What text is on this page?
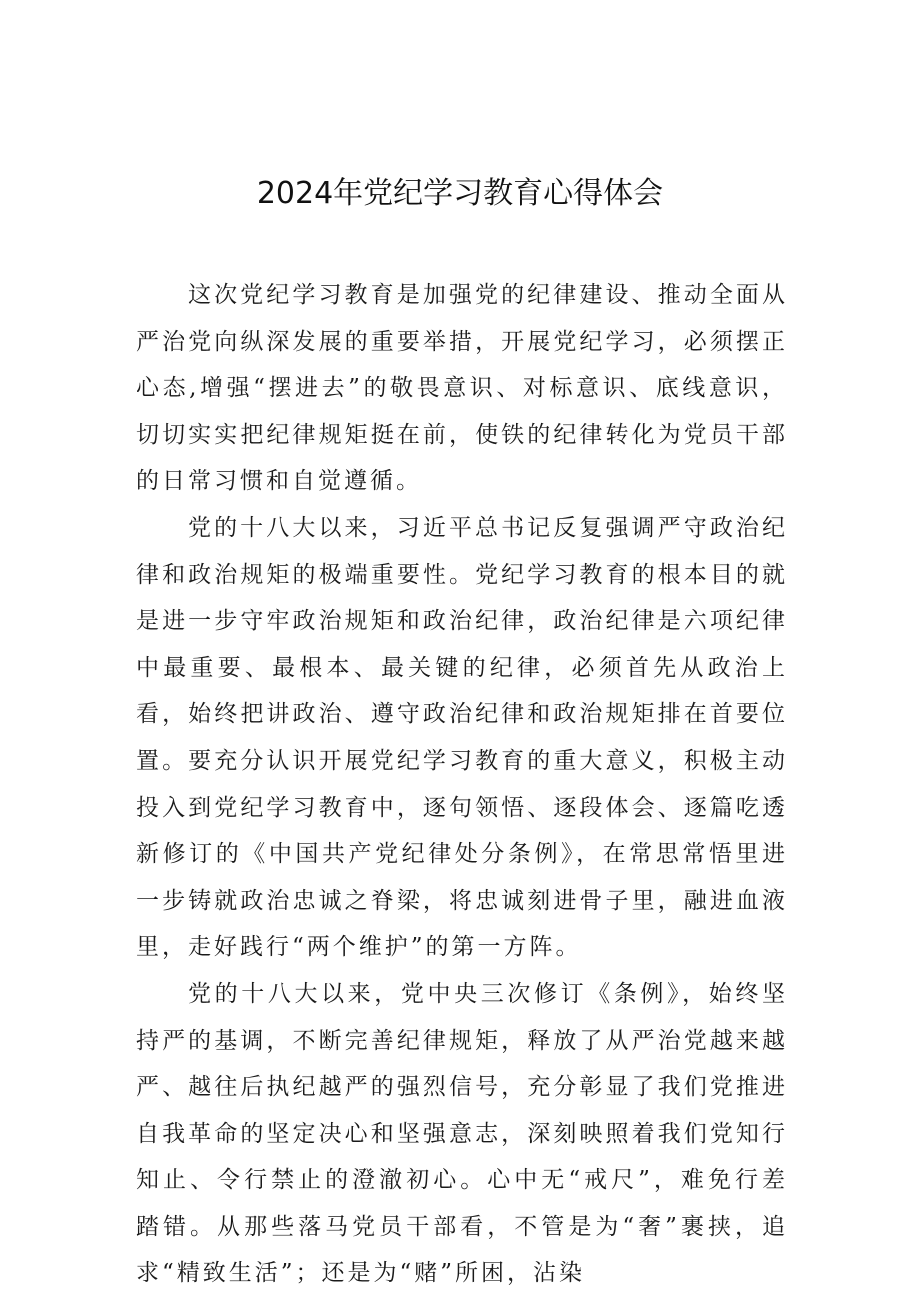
2024年党纪学习教育心得体会

这次党纪学习教育是加强党的纪律建设、推动全面从严治党向纵深发展的重要举措，开展党纪学习，必须摆正心态,增强“摆进去”的敬畏意识、对标意识、底线意识，切切实实把纪律规矩挺在前，使铁的纪律转化为党员干部的日常习惯和自觉遵循。

党的十八大以来，习近平总书记反复强调严守政治纪律和政治规矩的极端重要性。党纪学习教育的根本目的就是进一步守牢政治规矩和政治纪律，政治纪律是六项纪律中最重要、最根本、最关键的纪律，必须首先从政治上看，始终把讲政治、遵守政治纪律和政治规矩排在首要位置。要充分认识开展党纪学习教育的重大意义，积极主动投入到党纪学习教育中，逐句领悟、逐段体会、逐篇吃透新修订的《中国共产党纪律处分条例》，在常思常悟里进一步铸就政治忠诚之脊梁，将忠诚刻进骨子里，融进血液里，走好践行“两个维护”的第一方阵。

党的十八大以来，党中央三次修订《条例》，始终坚持严的基调，不断完善纪律规矩，释放了从严治党越来越严、越往后执纪越严的强烈信号，充分彰显了我们党推进自我革命的坚定决心和坚强意志，深刻映照着我们党知行知止、令行禁止的澄澈初心。心中无“戒尺”，难免行差踏错。从那些落马党员干部看，不管是为“奢”裹挟，追求“精致生活”；还是为“赌”所困，沾染
